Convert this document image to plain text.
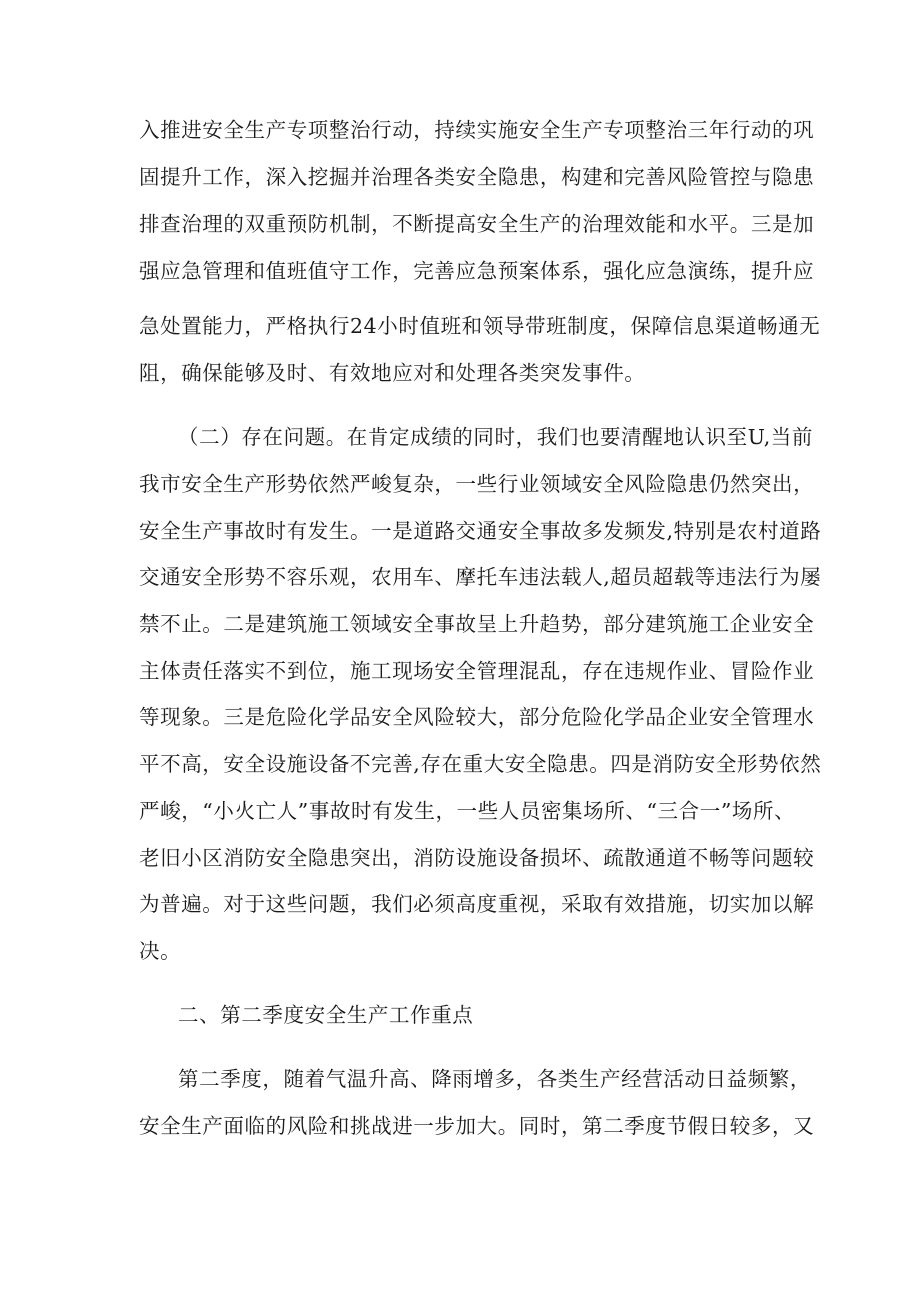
入推进安全生产专项整治行动，持续实施安全生产专项整治三年行动的巩
固提升工作，深入挖掘并治理各类安全隐患，构建和完善风险管控与隐患
排查治理的双重预防机制，不断提高安全生产的治理效能和水平。三是加
强应急管理和值班值守工作，完善应急预案体系，强化应急演练，提升应
急处置能力，严格执行24小时值班和领导带班制度，保障信息渠道畅通无
阻，确保能够及时、有效地应对和处理各类突发事件。
（二）存在问题。在肯定成绩的同时，我们也要清醒地认识至U,当前
我市安全生产形势依然严峻复杂，一些行业领域安全风险隐患仍然突出，
安全生产事故时有发生。一是道路交通安全事故多发频发,特别是农村道路
交通安全形势不容乐观，农用车、摩托车违法载人,超员超载等违法行为屡
禁不止。二是建筑施工领域安全事故呈上升趋势，部分建筑施工企业安全
主体责任落实不到位，施工现场安全管理混乱，存在违规作业、冒险作业
等现象。三是危险化学品安全风险较大，部分危险化学品企业安全管理水
平不高，安全设施设备不完善,存在重大安全隐患。四是消防安全形势依然
严峻，“小火亡人”事故时有发生，一些人员密集场所、“三合一”场所、
老旧小区消防安全隐患突出，消防设施设备损坏、疏散通道不畅等问题较
为普遍。对于这些问题，我们必须高度重视，采取有效措施，切实加以解
决。
二、第二季度安全生产工作重点
第二季度，随着气温升高、降雨增多，各类生产经营活动日益频繁，
安全生产面临的风险和挑战进一步加大。同时，第二季度节假日较多，又
